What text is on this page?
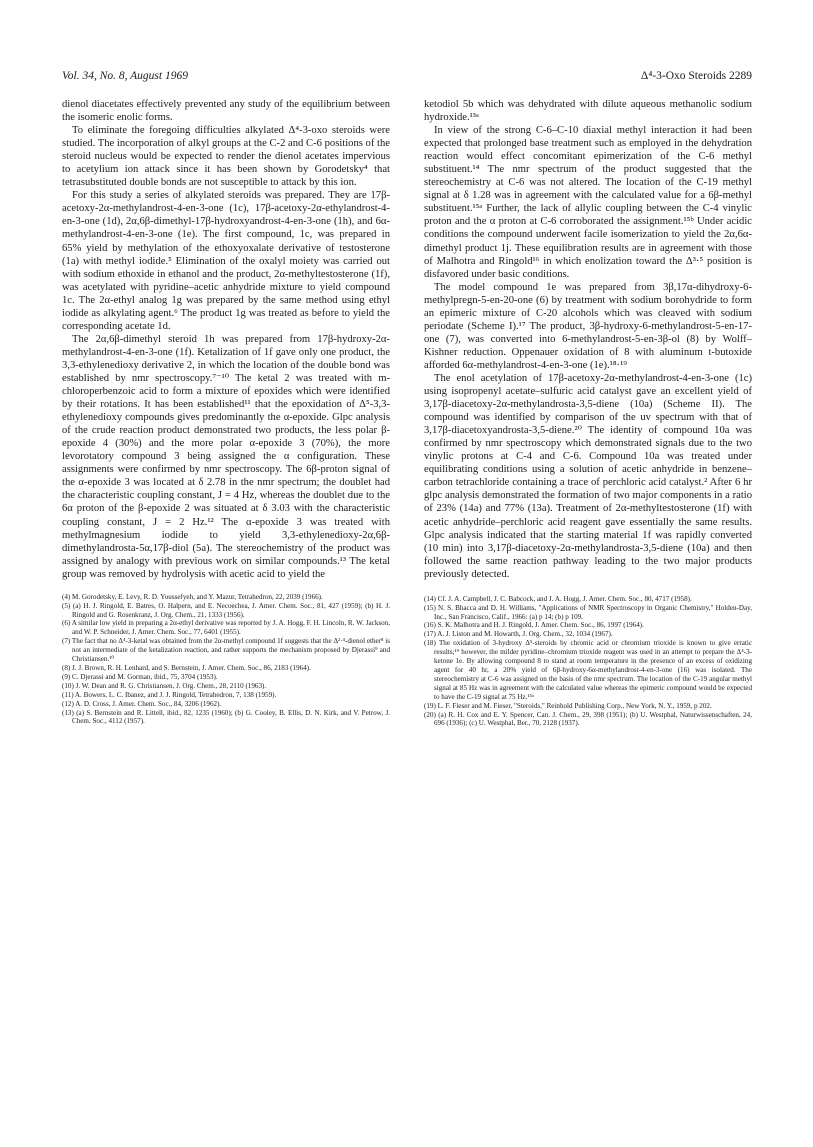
Vol. 34, No. 8, August 1969	Δ⁴-3-Oxo Steroids 2289

dienol diacetates effectively prevented any study of the equilibrium between the isomeric enolic forms.

To eliminate the foregoing difficulties alkylated Δ⁴-3-oxo steroids were studied. The incorporation of alkyl groups at the C-2 and C-6 positions of the steroid nucleus would be expected to render the dienol acetates impervious to acetylium ion attack since it has been shown by Gorodetsky⁴ that tetrasubstituted double bonds are not susceptible to attack by this ion.

For this study a series of alkylated steroids was prepared. They are 17β-acetoxy-2α-methylandrost-4-en-3-one (1c), 17β-acetoxy-2α-ethylandrost-4-en-3-one (1d), 2α,6β-dimethyl-17β-hydroxyandrost-4-en-3-one (1h), and 6α-methylandrost-4-en-3-one (1e). The first compound, 1c, was prepared in 65% yield by methylation of the ethoxyoxalate derivative of testosterone (1a) with methyl iodide.⁵ Elimination of the oxalyl moiety was carried out with sodium ethoxide in ethanol and the product, 2α-methyltestosterone (1f), was acetylated with pyridine–acetic anhydride mixture to yield compound 1c. The 2α-ethyl analog 1g was prepared by the same method using ethyl iodide as alkylating agent.⁶ The product 1g was treated as before to yield the corresponding acetate 1d.

The 2α,6β-dimethyl steroid 1h was prepared from 17β-hydroxy-2α-methylandrost-4-en-3-one (1f). Ketalization of 1f gave only one product, the 3,3-ethylenedioxy derivative 2, in which the location of the double bond was established by nmr spectroscopy.⁷⁻¹⁰ The ketal 2 was treated with m-chloroperbenzoic acid to form a mixture of epoxides which were identified by their rotations. It has been established¹¹ that the epoxidation of Δ⁵-3,3-ethylenedioxy compounds gives predominantly the α-epoxide. Glpc analysis of the crude reaction product demonstrated two products, the less polar β-epoxide 4 (30%) and the more polar α-epoxide 3 (70%), the more levorotatory compound 3 being assigned the α configuration. These assignments were confirmed by nmr spectroscopy. The 6β-proton signal of the α-epoxide 3 was located at δ 2.78 in the nmr spectrum; the doublet had the characteristic coupling constant, J = 4 Hz, whereas the doublet due to the 6α proton of the β-epoxide 2 was situated at δ 3.03 with the characteristic coupling constant, J = 2 Hz.¹² The α-epoxide 3 was treated with methylmagnesium iodide to yield 3,3-ethylenedioxy-2α,6β-dimethylandrosta-5α,17β-diol (5a). The stereochemistry of the product was assigned by analogy with previous work on similar compounds.¹³ The ketal group was removed by hydrolysis with acetic acid to yield the

(4) M. Gorodetsky, E. Levy, R. D. Youssefyeh, and Y. Mazur, Tetrahedron, 22, 2039 (1966).

(5) (a) H. J. Ringold, E. Batres, O. Halpern, and E. Necoechea, J. Amer. Chem. Soc., 81, 427 (1959); (b) H. J. Ringold and G. Rosenkranz, J. Org. Chem., 21, 1333 (1956).

(6) A similar low yield in preparing a 2α-ethyl derivative was reported by J. A. Hogg, F. H. Lincoln, R. W. Jackson, and W. P. Schneider, J. Amer. Chem. Soc., 77, 6401 (1955).

(7) The fact that no Δ⁴-3-ketal was obtained from the 2α-methyl compound 1f suggests that the Δ²·⁴-dienol ether⁸ is not an intermediate of the ketalization reaction, and rather supports the mechanism proposed by Djerassi⁹ and Christiansen.¹⁰

(8) J. J. Brown, R. H. Lenhard, and S. Bernstein, J. Amer. Chem. Soc., 86, 2183 (1964).

(9) C. Djerassi and M. Gorman, ibid., 75, 3704 (1953).

(10) J. W. Dean and R. G. Christiansen, J. Org. Chem., 28, 2110 (1963).

(11) A. Bowers, L. C. Ibanez, and J. J. Ringold, Tetrahedron, 7, 138 (1959).

(12) A. D. Cross, J. Amer. Chem. Soc., 84, 3206 (1962).

(13) (a) S. Bernstein and R. Littell, ibid., 82, 1235 (1960); (b) G. Cooley, B. Ellis, D. N. Kirk, and V. Petrow, J. Chem. Soc., 4112 (1957).

ketodiol 5b which was dehydrated with dilute aqueous methanolic sodium hydroxide.¹³ᵃ

In view of the strong C-6–C-10 diaxial methyl interaction it had been expected that prolonged base treatment such as employed in the dehydration reaction would effect concomitant epimerization of the C-6 methyl substituent.¹⁴ The nmr spectrum of the product suggested that the stereochemistry at C-6 was not altered. The location of the C-19 methyl signal at δ 1.28 was in agreement with the calculated value for a 6β-methyl substituent.¹⁵ᵃ Further, the lack of allylic coupling between the C-4 vinylic proton and the α proton at C-6 corroborated the assignment.¹⁵ᵇ Under acidic conditions the compound underwent facile isomerization to yield the 2α,6α-dimethyl product 1j. These equilibration results are in agreement with those of Malhotra and Ringold¹⁶ in which enolization toward the Δ³·⁵ position is disfavored under basic conditions.

The model compound 1e was prepared from 3β,17α-dihydroxy-6-methylpregn-5-en-20-one (6) by treatment with sodium borohydride to form an epimeric mixture of C-20 alcohols which was cleaved with sodium periodate (Scheme I).¹⁷ The product, 3β-hydroxy-6-methylandrost-5-en-17-one (7), was converted into 6-methylandrost-5-en-3β-ol (8) by Wolff–Kishner reduction. Oppenauer oxidation of 8 with aluminum t-butoxide afforded 6α-methylandrost-4-en-3-one (1e).¹⁸·¹⁹

The enol acetylation of 17β-acetoxy-2α-methylandrost-4-en-3-one (1c) using isopropenyl acetate–sulfuric acid catalyst gave an excellent yield of 3,17β-diacetoxy-2α-methylandrosta-3,5-diene (10a) (Scheme II). The compound was identified by comparison of the uv spectrum with that of 3,17β-diacetoxyandrosta-3,5-diene.²⁰ The identity of compound 10a was confirmed by nmr spectroscopy which demonstrated signals due to the two vinylic protons at C-4 and C-6. Compound 10a was treated under equilibrating conditions using a solution of acetic anhydride in benzene–carbon tetrachloride containing a trace of perchloric acid catalyst.² After 6 hr glpc analysis demonstrated the formation of two major components in a ratio of 23% (14a) and 77% (13a). Treatment of 2α-methyltestosterone (1f) with acetic anhydride–perchloric acid reagent gave essentially the same results. Glpc analysis indicated that the starting material 1f was rapidly converted (10 min) into 3,17β-diacetoxy-2α-methylandrosta-3,5-diene (10a) and then followed the same reaction pathway leading to the two major products previously detected.

(14) Cf. J. A. Campbell, J. C. Babcock, and J. A. Hogg, J. Amer. Chem. Soc., 80, 4717 (1958).

(15) N. S. Bhacca and D. H. Williams, "Applications of NMR Spectroscopy in Organic Chemistry," Holden-Day, Inc., San Francisco, Calif., 1966: (a) p 14; (b) p 109.

(16) S. K. Malhotra and H. J. Ringold, J. Amer. Chem. Soc., 86, 1997 (1964).

(17) A. J. Liston and M. Howarth, J. Org. Chem., 32, 1034 (1967).

(18) The oxidation of 3-hydroxy Δ⁵-steroids by chromic acid or chromium trioxide is known to give erratic results;¹⁹ however, the milder pyridine–chromium trioxide reagent was used in an attempt to prepare the Δ⁴-3-ketone 1e. By allowing compound 8 to stand at room temperature in the presence of an excess of oxidizing agent for 40 hr, a 20% yield of 6β-hydroxy-6α-methylandrost-4-en-3-one (16) was isolated. The stereochemistry at C-6 was assigned on the basis of the nmr spectrum. The location of the C-19 angular methyl signal at 85 Hz was in agreement with the calculated value whereas the epimeric compound would be expected to have the C-19 signal at 75 Hz.¹⁵ᵃ

(19) L. F. Fieser and M. Fieser, "Steroids," Reinhold Publishing Corp., New York, N. Y., 1959, p 202.

(20) (a) R. H. Cox and E. Y. Spencer, Can. J. Chem., 29, 398 (1951); (b) U. Westphal, Naturwissenschaften, 24, 696 (1936); (c) U. Westphal, Ber., 70, 2128 (1937).
